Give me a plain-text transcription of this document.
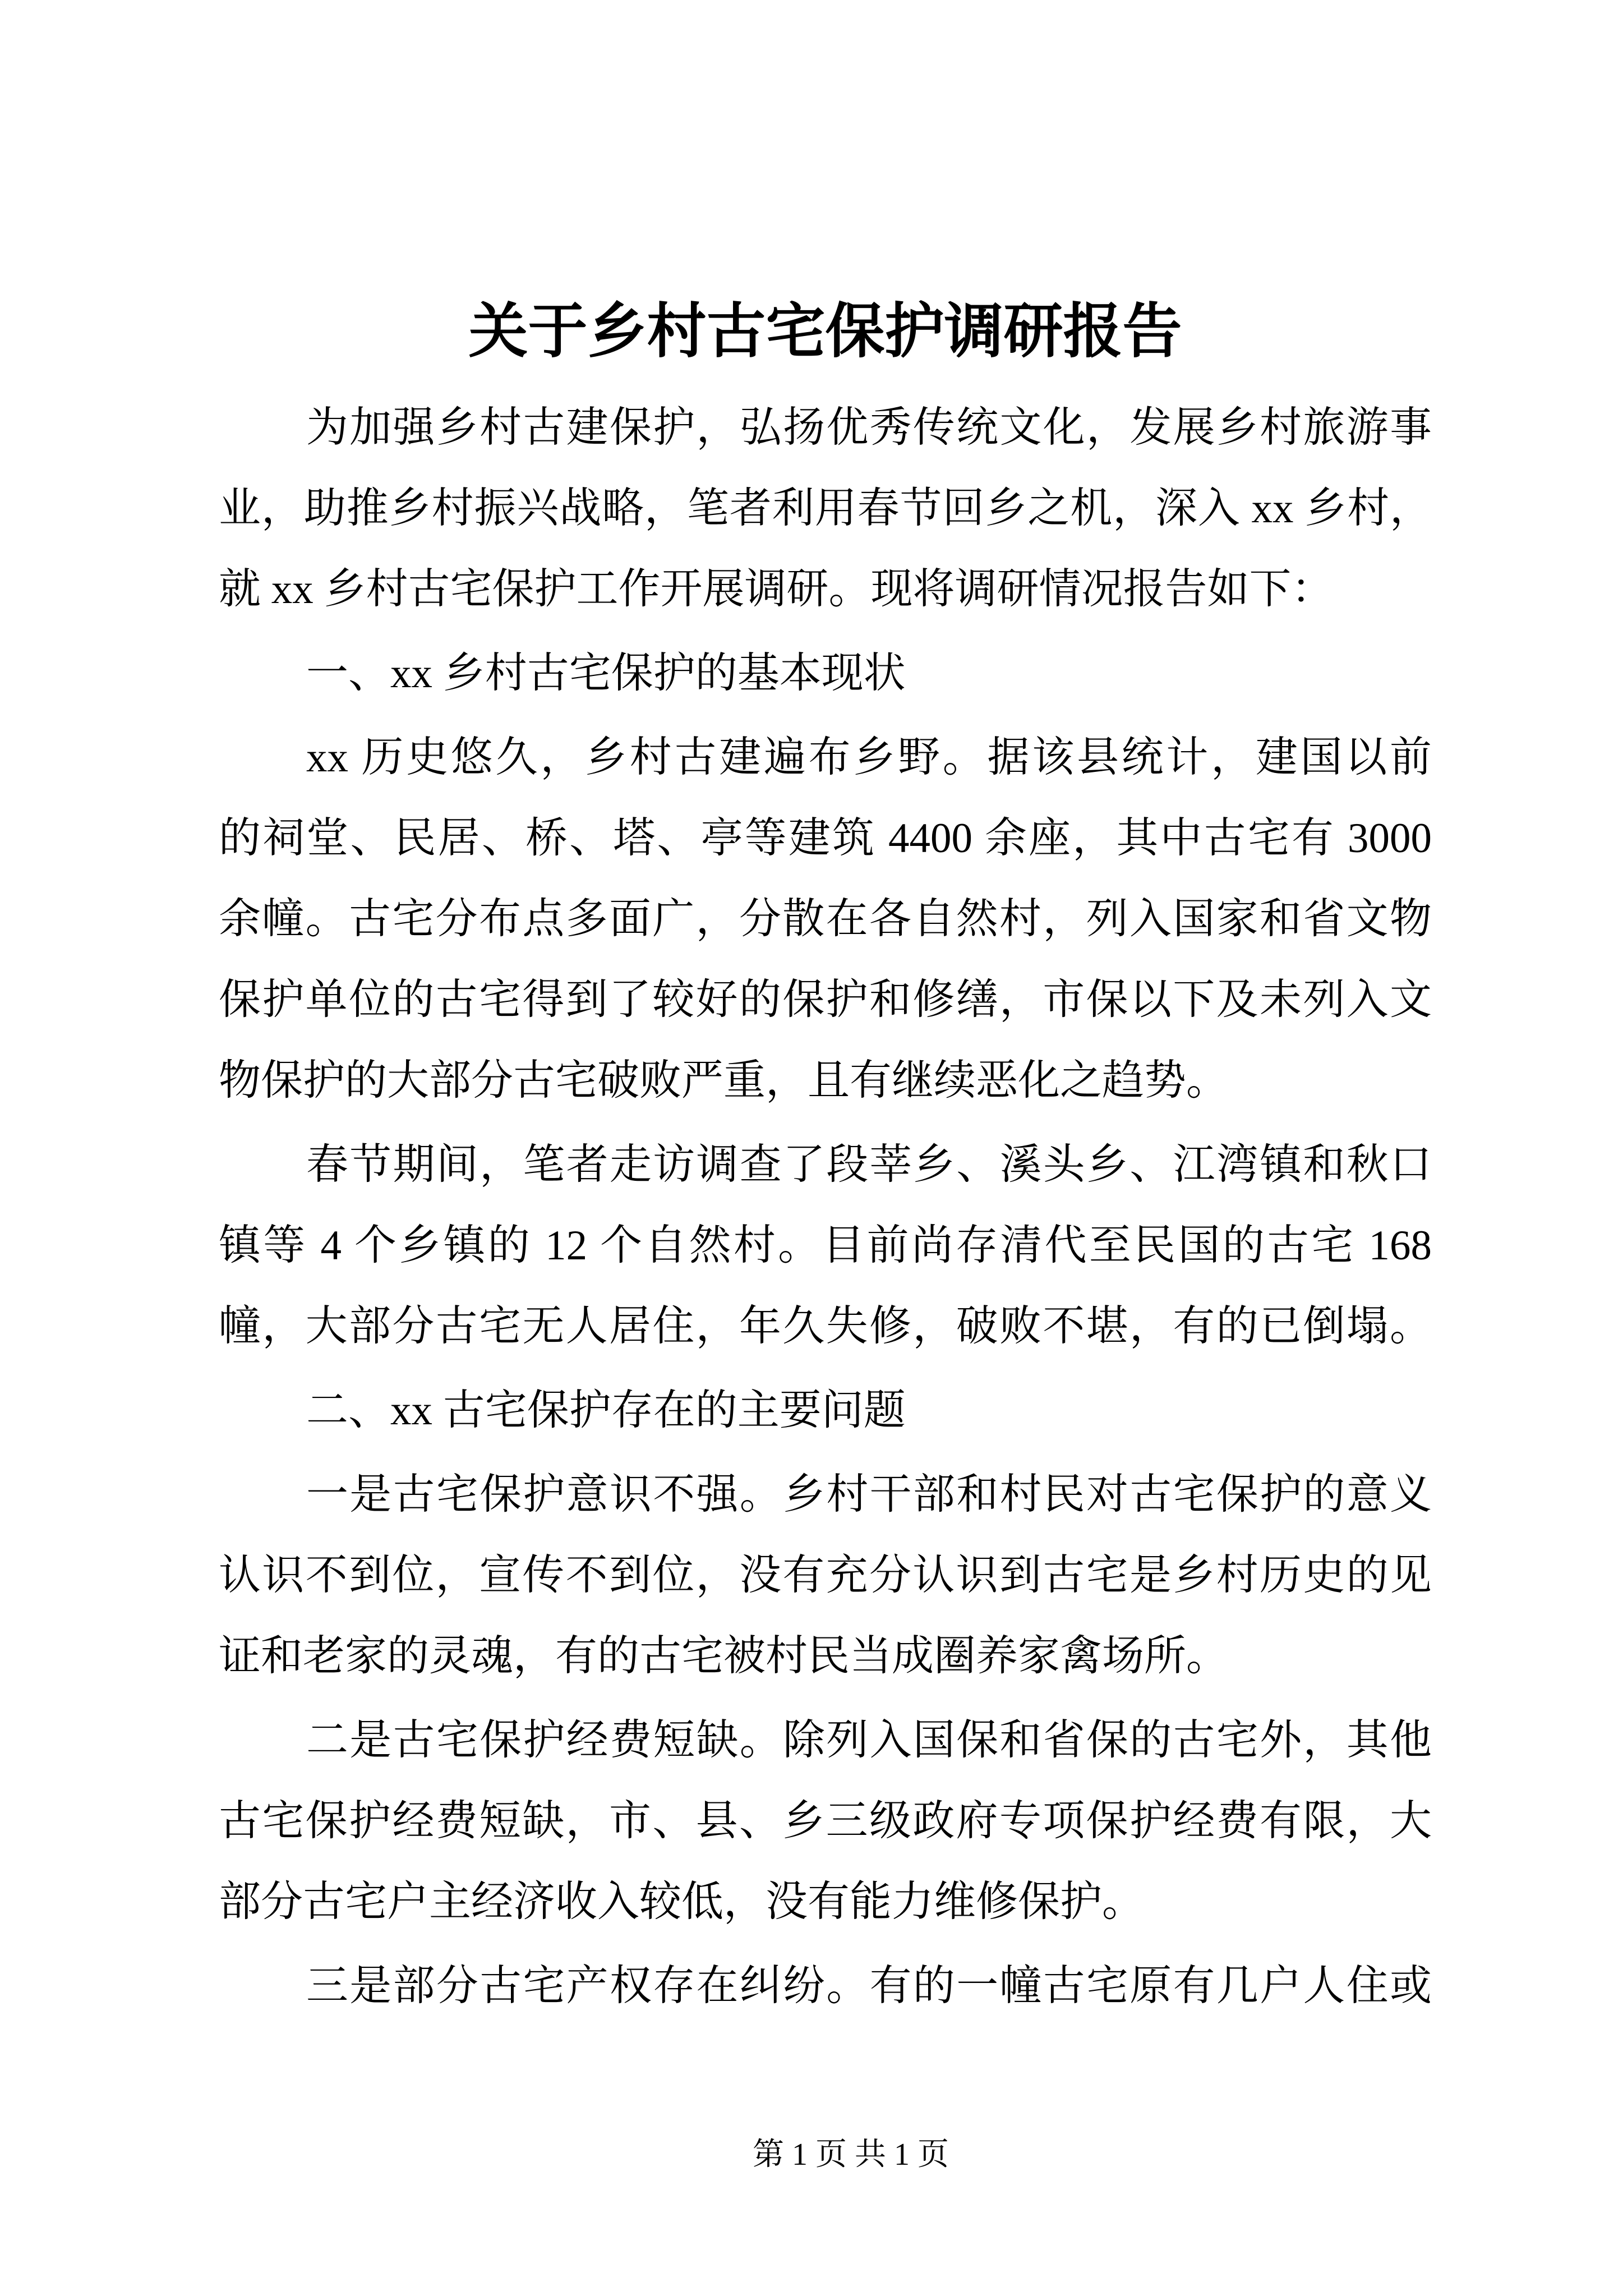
关于乡村古宅保护调研报告
为加强乡村古建保护，弘扬优秀传统文化，发展乡村旅游事
业，助推乡村振兴战略，笔者利用春节回乡之机，深入 xx 乡村，
就 xx 乡村古宅保护工作开展调研。现将调研情况报告如下：
一、xx 乡村古宅保护的基本现状
xx 历史悠久，乡村古建遍布乡野。据该县统计，建国以前
的祠堂、民居、桥、塔、亭等建筑 4400 余座，其中古宅有 3000
余幢。古宅分布点多面广，分散在各自然村，列入国家和省文物
保护单位的古宅得到了较好的保护和修缮，市保以下及未列入文
物保护的大部分古宅破败严重，且有继续恶化之趋势。
春节期间，笔者走访调查了段莘乡、溪头乡、江湾镇和秋口
镇等 4 个乡镇的 12 个自然村。目前尚存清代至民国的古宅 168
幢，大部分古宅无人居住，年久失修，破败不堪，有的已倒塌。
二、xx 古宅保护存在的主要问题
一是古宅保护意识不强。乡村干部和村民对古宅保护的意义
认识不到位，宣传不到位，没有充分认识到古宅是乡村历史的见
证和老家的灵魂，有的古宅被村民当成圈养家禽场所。
二是古宅保护经费短缺。除列入国保和省保的古宅外，其他
古宅保护经费短缺，市、县、乡三级政府专项保护经费有限，大
部分古宅户主经济收入较低，没有能力维修保护。
三是部分古宅产权存在纠纷。有的一幢古宅原有几户人住或
第 1 页 共 1 页
